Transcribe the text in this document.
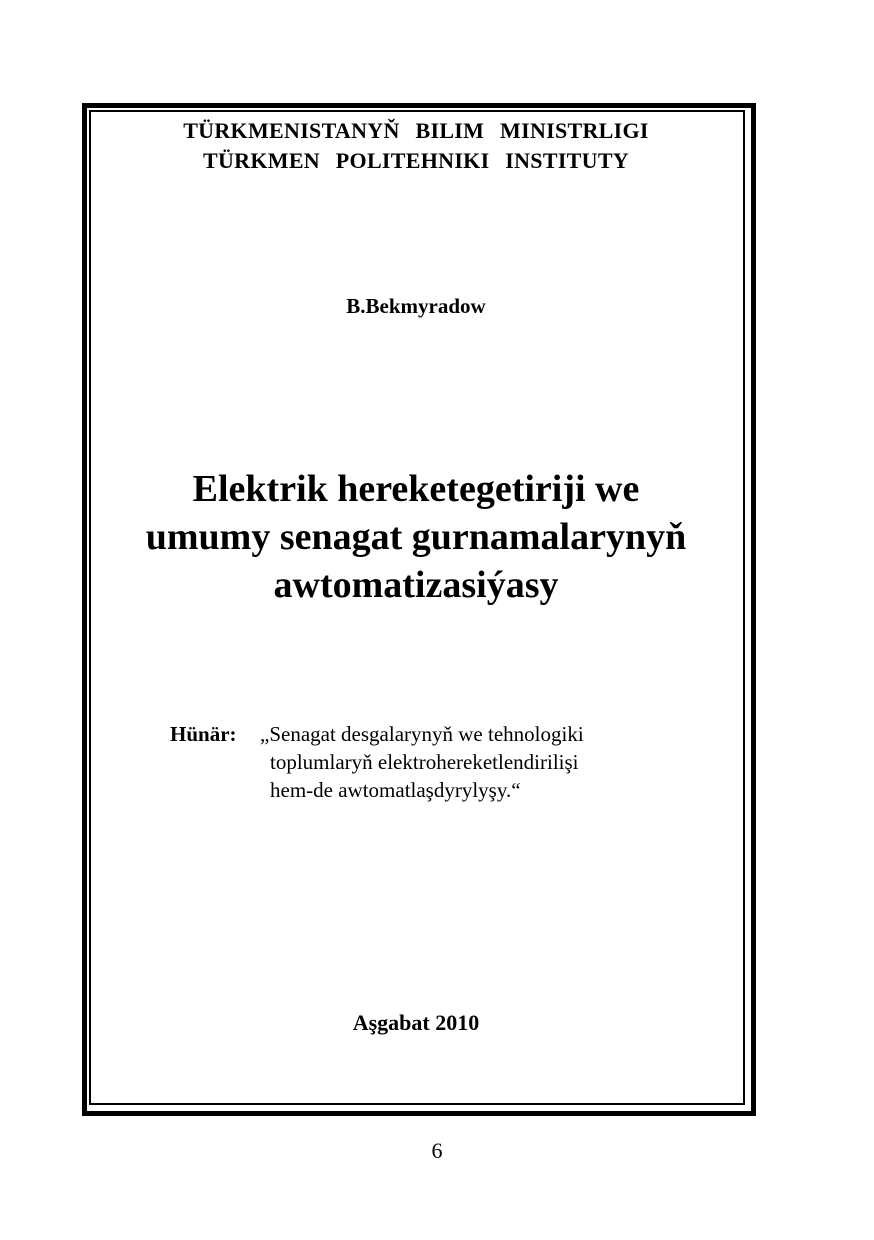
TÜRKMENISTANYŇ BILIM MINISTRLIGI
TÜRKMEN POLITEHNIKI INSTITUTY
B.Bekmyradow
Elektrik hereketegetiriji we
umumy senagat gurnamalarynyň
awtomatizasiýasy
Hünär: „Senagat desgalarynyň we tehnologiki
toplumlaryň elektrohereketlendirilişi
hem-de awtomatlaşdyrylyşy.“
Aşgabat 2010
6
